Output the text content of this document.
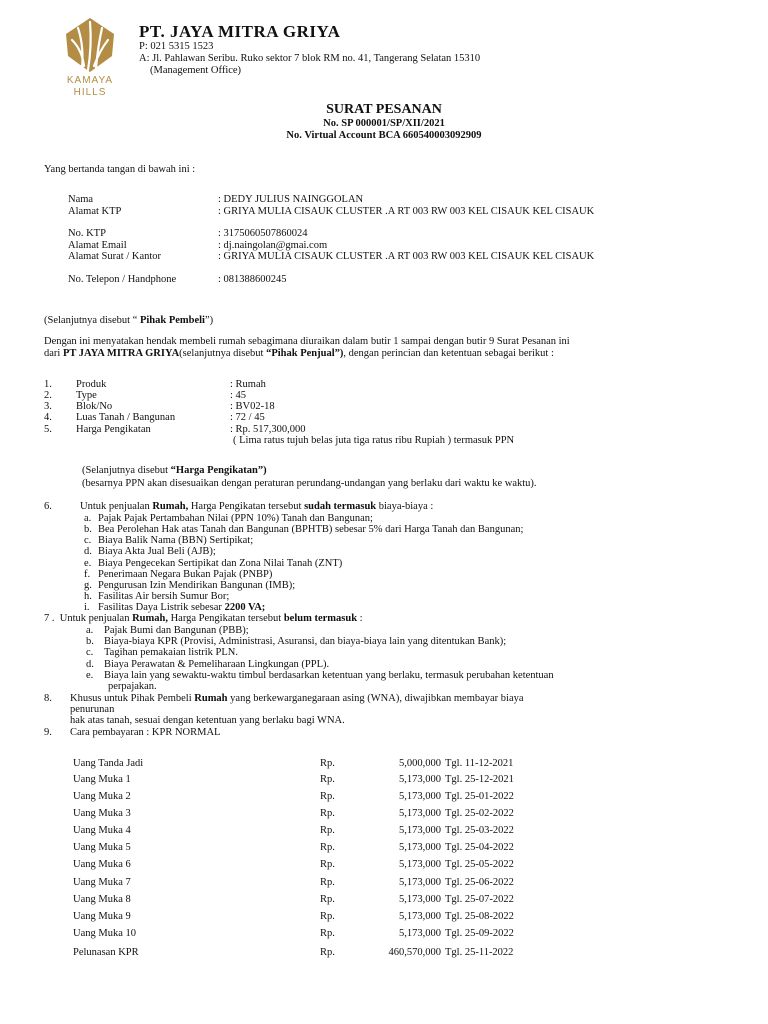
KAMAYA
HILLS
PT. JAYA MITRA GRIYA
P: 021 5315 1523
A: Jl. Pahlawan Seribu. Ruko sektor 7 blok RM no. 41, Tangerang Selatan 15310
(Management Office)
SURAT PESANAN
No. SP 000001/SP/XII/2021
No. Virtual Account BCA 660540003092909
Yang bertanda tangan di bawah ini :
Nama	: DEDY JULIUS NAINGGOLAN
Alamat KTP	: GRIYA MULIA CISAUK CLUSTER .A RT 003 RW 003 KEL CISAUK KEL CISAUK
No. KTP	: 3175060507860024
Alamat Email	: dj.naingolan@gmai.com
Alamat Surat / Kantor	: GRIYA MULIA CISAUK CLUSTER .A RT 003 RW 003 KEL CISAUK KEL CISAUK
No. Telepon / Handphone	: 081388600245
(Selanjutnya disebut “ Pihak Pembeli”)
Dengan ini menyatakan hendak membeli rumah sebagimana diuraikan dalam butir 1 sampai dengan butir 9 Surat Pesanan ini
dari PT JAYA MITRA GRIYA(selanjutnya disebut “Pihak Penjual”), dengan perincian dan ketentuan sebagai berikut :
1. Produk	: Rumah
2. Type	: 45
3. Blok/No	: BV02-18
4. Luas Tanah / Bangunan	: 72 / 45
5. Harga Pengikatan	: Rp. 517,300,000
( Lima ratus tujuh belas juta tiga ratus ribu Rupiah ) termasuk PPN
(Selanjutnya disebut “Harga Pengikatan”)
(besarnya PPN akan disesuaikan dengan peraturan perundang-undangan yang berlaku dari waktu ke waktu).
6.	Untuk penjualan Rumah, Harga Pengikatan tersebut sudah termasuk biaya-biaya :
a. Pajak Pajak Pertambahan Nilai (PPN 10%) Tanah dan Bangunan;
b. Bea Perolehan Hak atas Tanah dan Bangunan (BPHTB) sebesar 5% dari Harga Tanah dan Bangunan;
c. Biaya Balik Nama (BBN) Sertipikat;
d. Biaya Akta Jual Beli (AJB);
e. Biaya Pengecekan Sertipikat dan Zona Nilai Tanah (ZNT)
f. Penerimaan Negara Bukan Pajak (PNBP)
g. Pengurusan Izin Mendirikan Bangunan (IMB);
h. Fasilitas Air bersih Sumur Bor;
i. Fasilitas Daya Listrik sebesar 2200 VA;
7 . Untuk penjualan Rumah, Harga Pengikatan tersebut belum termasuk :
a. Pajak Bumi dan Bangunan (PBB);
b. Biaya-biaya KPR (Provisi, Administrasi, Asuransi, dan biaya-biaya lain yang ditentukan Bank);
c. Tagihan pemakaian listrik PLN.
d. Biaya Perawatan & Pemeliharaan Lingkungan (PPL).
e. Biaya lain yang sewaktu-waktu timbul berdasarkan ketentuan yang berlaku, termasuk perubahan ketentuan
perpajakan.
8. Khusus untuk Pihak Pembeli Rumah yang berkewarganegaraan asing (WNA), diwajibkan membayar biaya
penurunan
hak atas tanah, sesuai dengan ketentuan yang berlaku bagi WNA.
9. Cara pembayaran : KPR NORMAL
Uang Tanda Jadi	Rp.	5,000,000 Tgl. 11-12-2021
Uang Muka 1	Rp.	5,173,000 Tgl. 25-12-2021
Uang Muka 2	Rp.	5,173,000 Tgl. 25-01-2022
Uang Muka 3	Rp.	5,173,000 Tgl. 25-02-2022
Uang Muka 4	Rp.	5,173,000 Tgl. 25-03-2022
Uang Muka 5	Rp.	5,173,000 Tgl. 25-04-2022
Uang Muka 6	Rp.	5,173,000 Tgl. 25-05-2022
Uang Muka 7	Rp.	5,173,000 Tgl. 25-06-2022
Uang Muka 8	Rp.	5,173,000 Tgl. 25-07-2022
Uang Muka 9	Rp.	5,173,000 Tgl. 25-08-2022
Uang Muka 10	Rp.	5,173,000 Tgl. 25-09-2022
Pelunasan KPR	Rp.	460,570,000 Tgl. 25-11-2022
